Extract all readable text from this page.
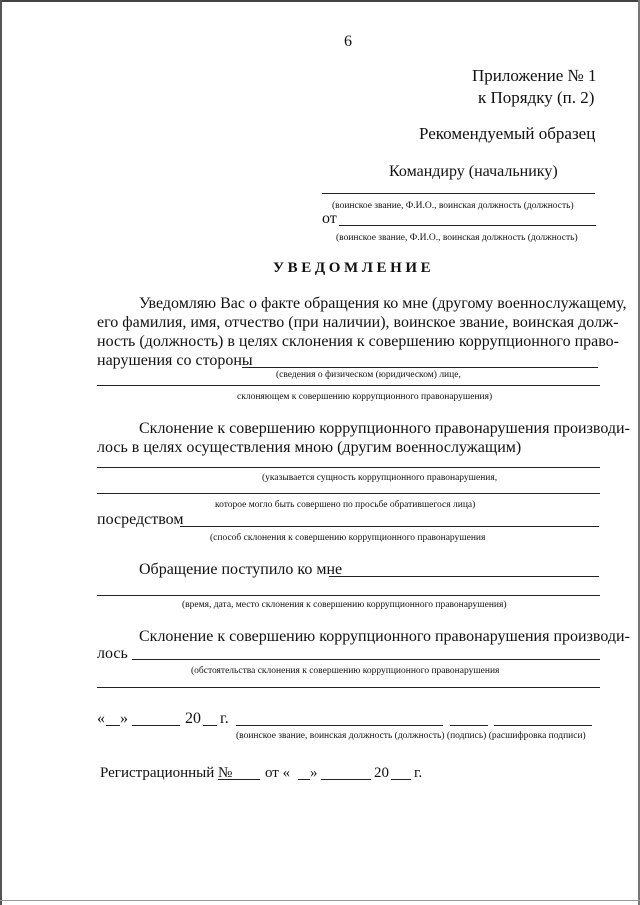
6
Приложение № 1
к Порядку (п. 2)
Рекомендуемый образец
Командиру (начальнику)
(воинское звание, Ф.И.О., воинская должность (должность)
от
(воинское звание, Ф.И.О., воинская должность (должность)
УВЕДОМЛЕНИЕ
Уведомляю Вас о факте обращения ко мне (другому военнослужащему,
его фамилия, имя, отчество (при наличии), воинское звание, воинская долж-
ность (должность) в целях склонения к совершению коррупционного право-
нарушения со стороны
(сведения о физическом (юридическом) лице,
склоняющем к совершению коррупционного правонарушения)
Склонение к совершению коррупционного правонарушения производи-
лось в целях осуществления мною (другим военнослужащим)
(указывается сущность коррупционного правонарушения,
которое могло быть совершено по просьбе обратившегося лица)
посредством
(способ склонения к совершению коррупционного правонарушения
Обращение поступило ко мне
(время, дата, место склонения к совершению коррупционного правонарушения)
Склонение к совершению коррупционного правонарушения производи-
лось
(обстоятельства склонения к совершению коррупционного правонарушения
« »	20 г.
(воинское звание, воинская должность (должность) (подпись) (расшифровка подписи)
Регистрационный № от « »	20 г.
